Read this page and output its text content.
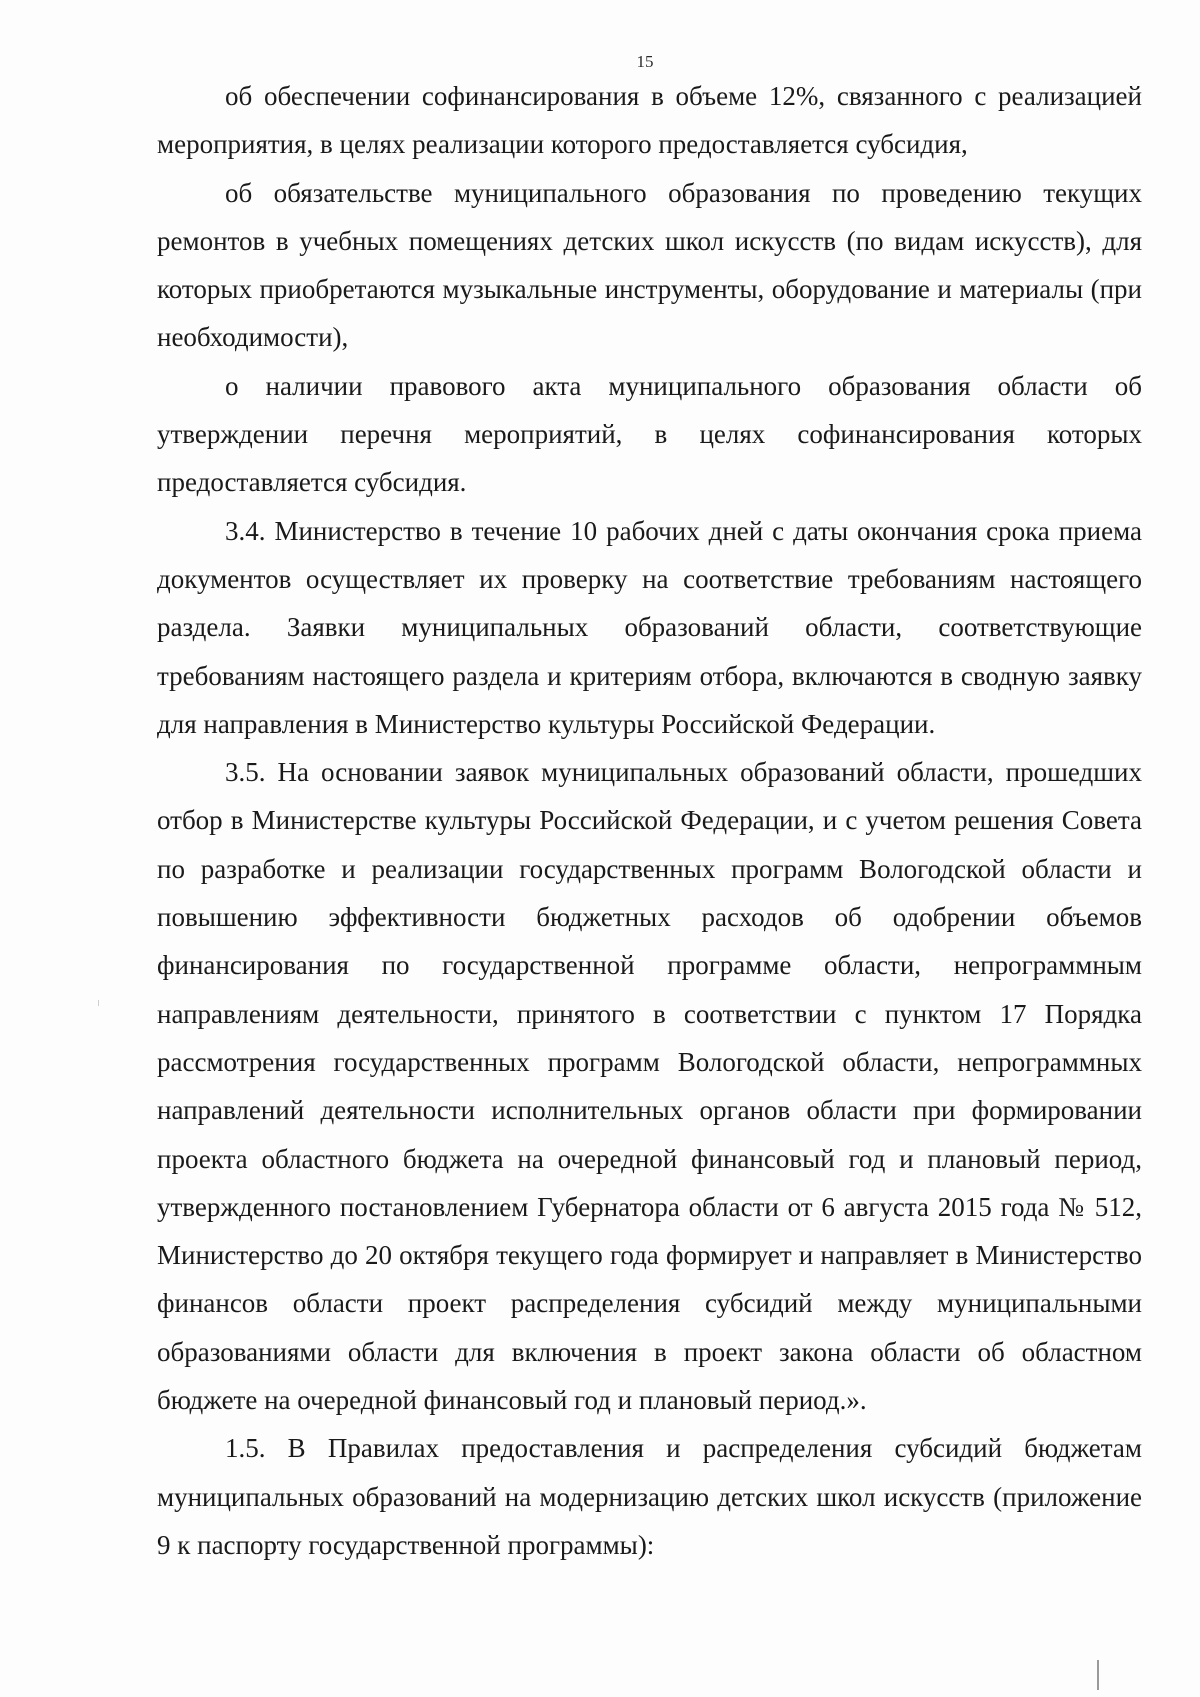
15

об обеспечении софинансирования в объеме 12%, связанного с реализацией мероприятия, в целях реализации которого предоставляется субсидия,

об обязательстве муниципального образования по проведению текущих ремонтов в учебных помещениях детских школ искусств (по видам искусств), для которых приобретаются музыкальные инструменты, оборудование и материалы (при необходимости),

о наличии правового акта муниципального образования области об утверждении перечня мероприятий, в целях софинансирования которых предоставляется субсидия.

3.4. Министерство в течение 10 рабочих дней с даты окончания срока приема документов осуществляет их проверку на соответствие требованиям настоящего раздела. Заявки муниципальных образований области, соответствующие требованиям настоящего раздела и критериям отбора, включаются в сводную заявку для направления в Министерство культуры Российской Федерации.

3.5. На основании заявок муниципальных образований области, прошедших отбор в Министерстве культуры Российской Федерации, и с учетом решения Совета по разработке и реализации государственных программ Вологодской области и повышению эффективности бюджетных расходов об одобрении объемов финансирования по государственной программе области, непрограммным направлениям деятельности, принятого в соответствии с пунктом 17 Порядка рассмотрения государственных программ Вологодской области, непрограммных направлений деятельности исполнительных органов области при формировании проекта областного бюджета на очередной финансовый год и плановый период, утвержденного постановлением Губернатора области от 6 августа 2015 года № 512, Министерство до 20 октября текущего года формирует и направляет в Министерство финансов области проект распределения субсидий между муниципальными образованиями области для включения в проект закона области об областном бюджете на очередной финансовый год и плановый период.».

1.5. В Правилах предоставления и распределения субсидий бюджетам муниципальных образований на модернизацию детских школ искусств (приложение 9 к паспорту государственной программы):
